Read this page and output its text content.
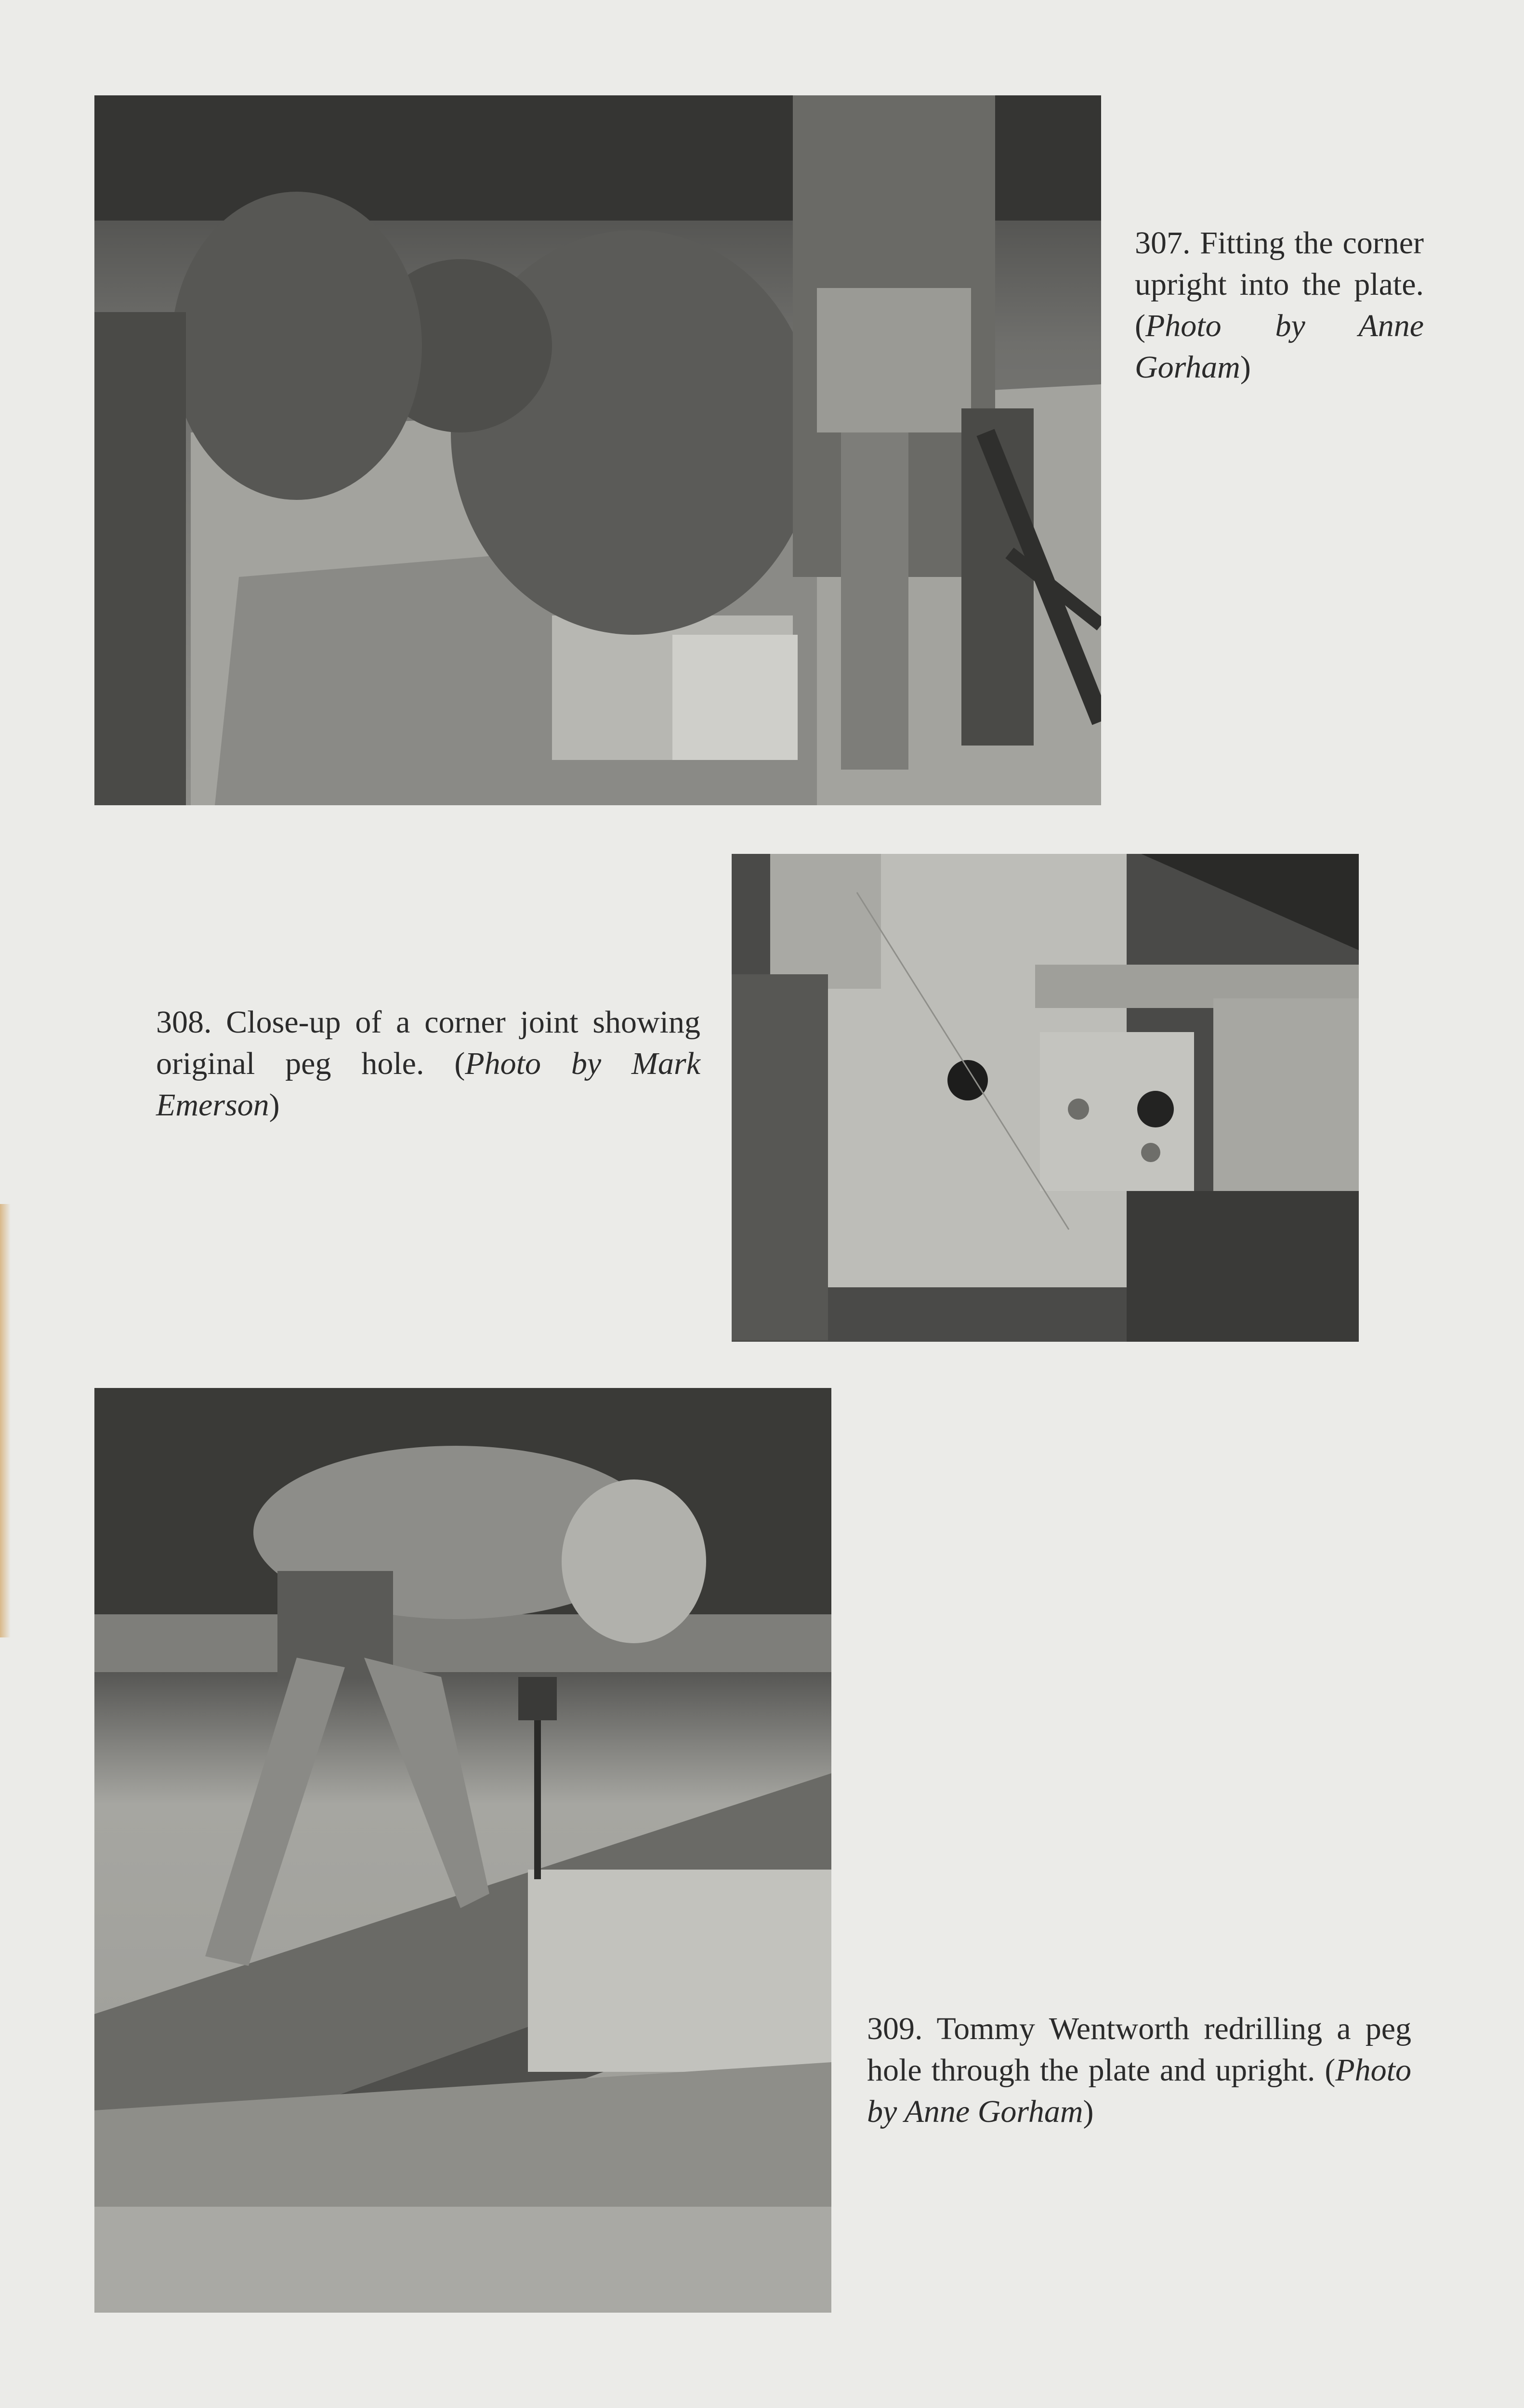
307. Fitting the corner upright into the plate. (Photo by Anne Gorham)
308. Close-up of a corner joint showing original peg hole. (Photo by Mark Emerson)
309. Tommy Wentworth redrilling a peg hole through the plate and upright. (Photo by Anne Gorham)
